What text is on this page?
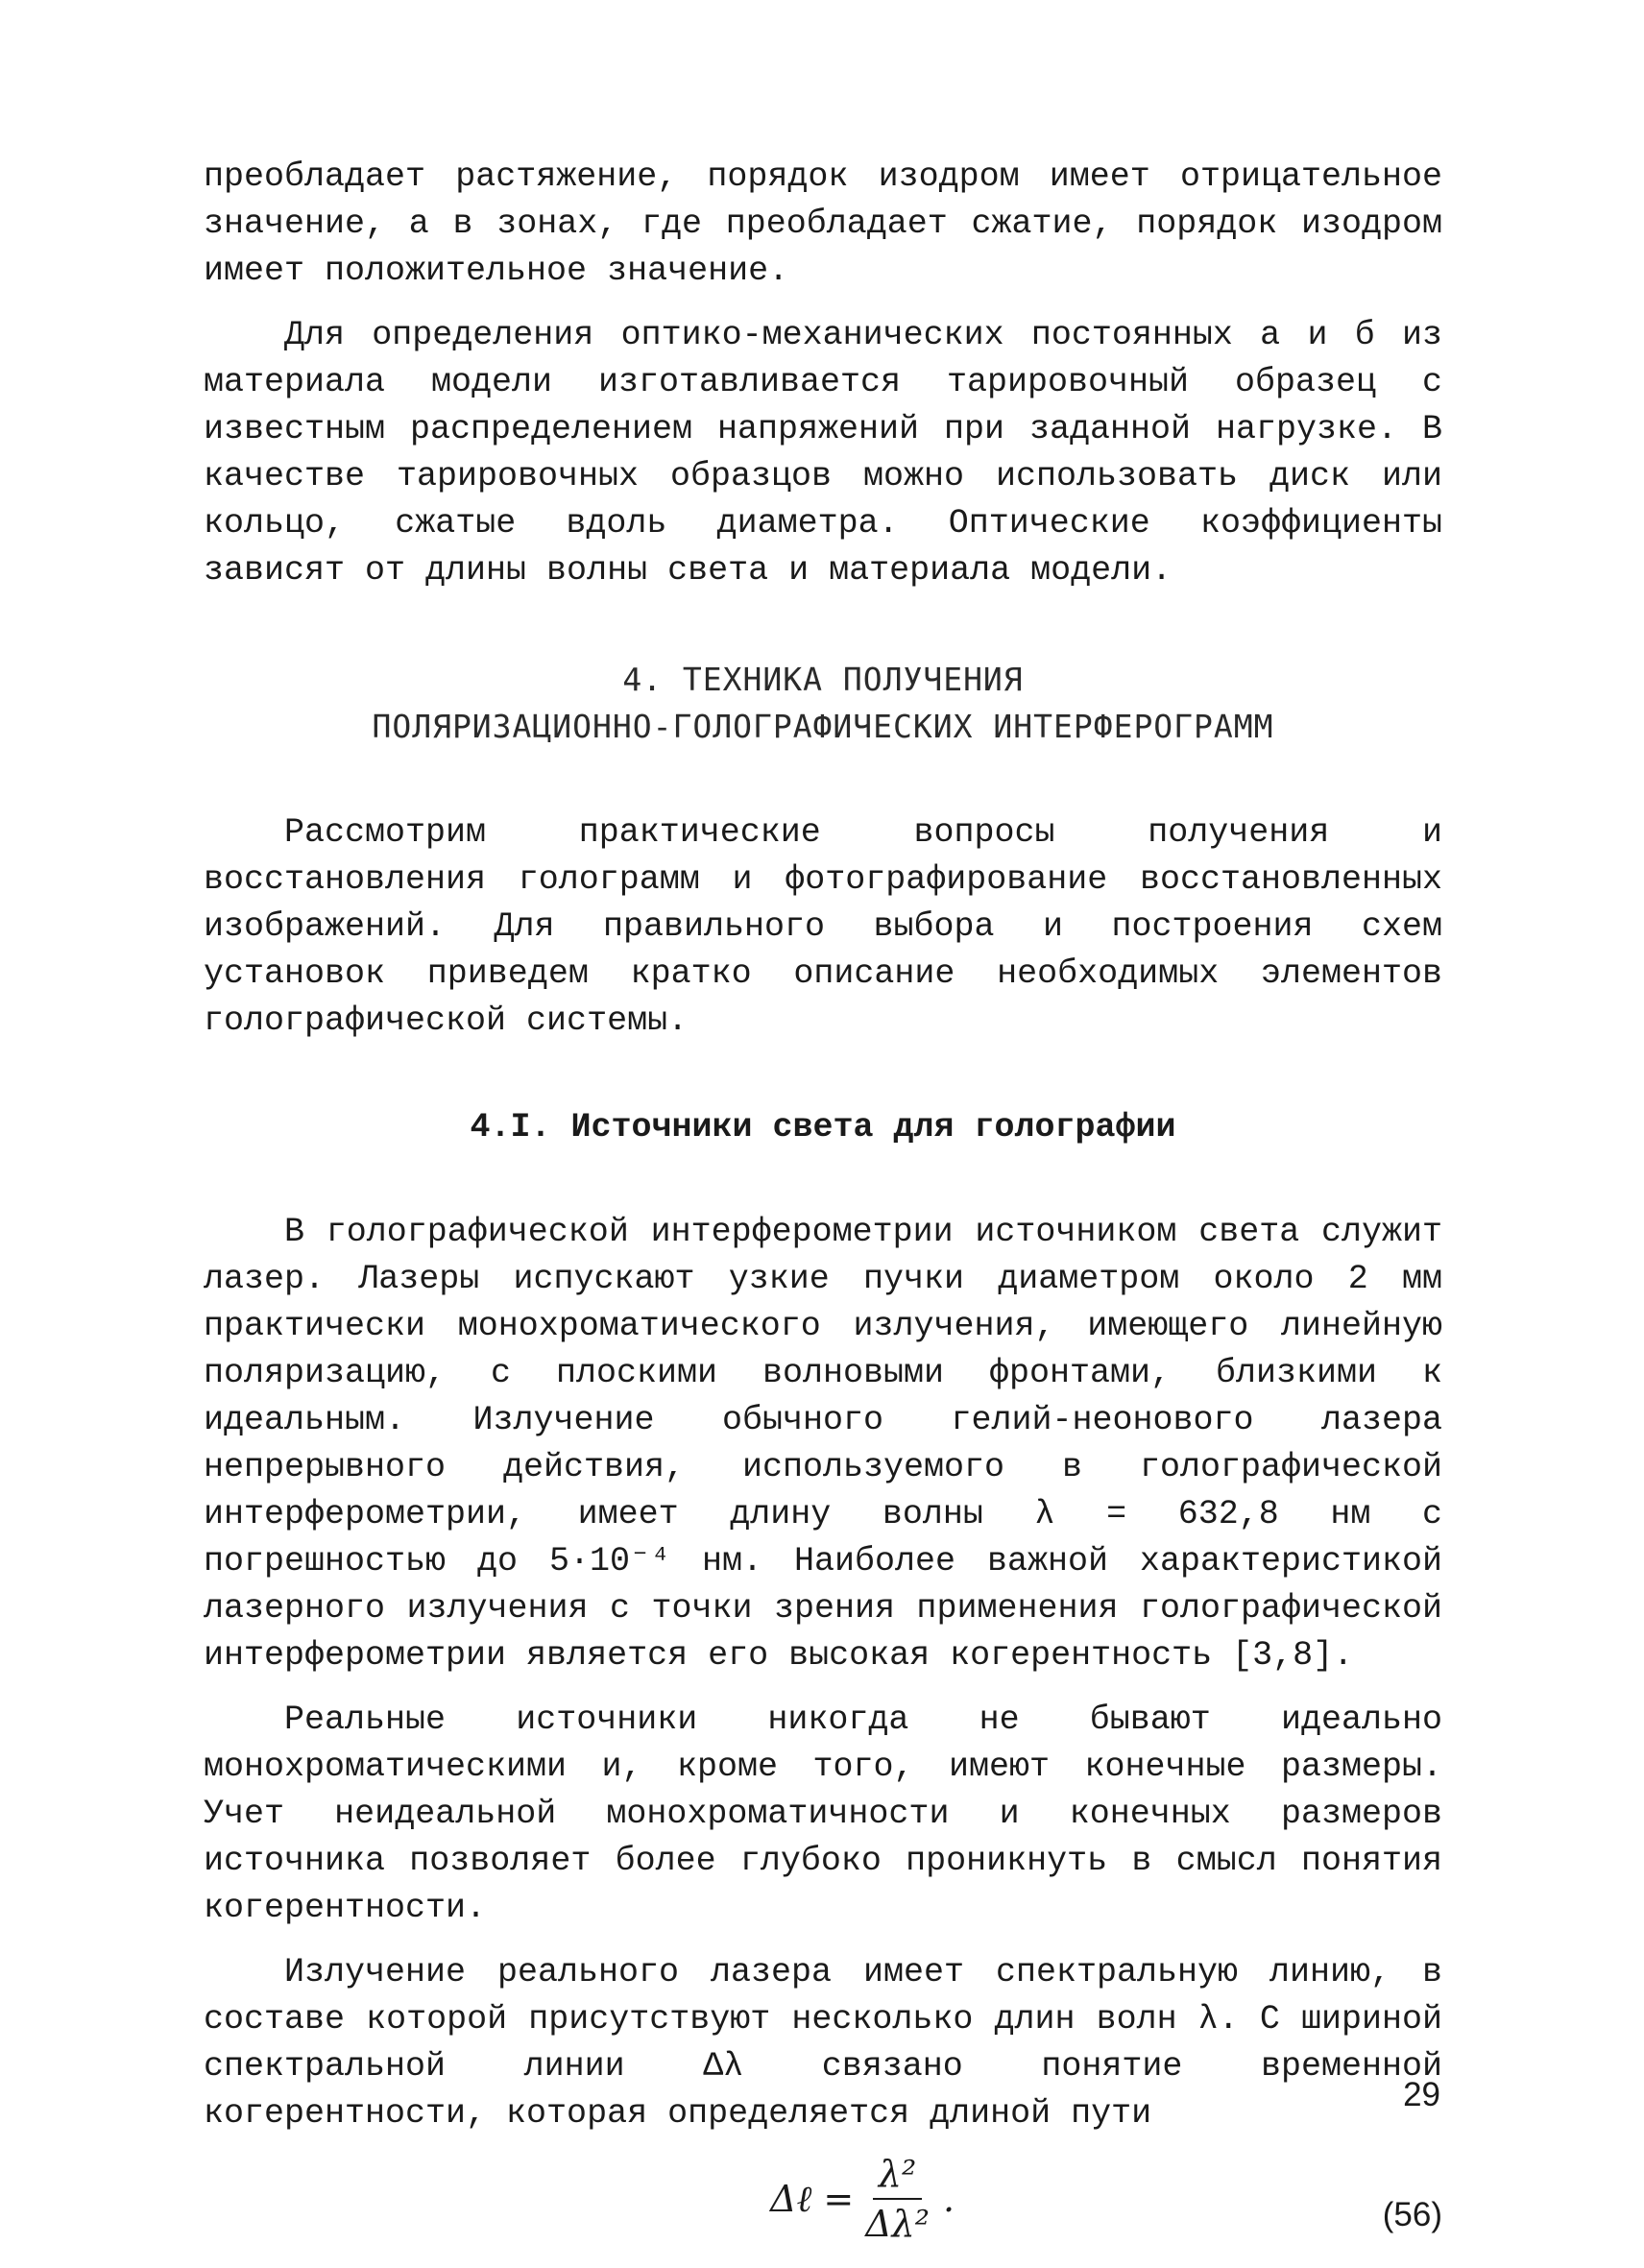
преобладает растяжение, порядок изодром имеет отрицательное значение, а в зонах, где преобладает сжатие, порядок изодром имеет положительное значение.

Для определения оптико-механических постоянных a и б из материала модели изготавливается тарировочный образец с известным распределением напряжений при заданной нагрузке. В качестве тарировочных образцов можно использовать диск или кольцо, сжатые вдоль диаметра. Оптические коэффициенты зависят от длины волны света и материала модели.

4. ТЕХНИКА ПОЛУЧЕНИЯ
ПОЛЯРИЗАЦИОННО-ГОЛОГРАФИЧЕСКИХ ИНТЕРФЕРОГРАММ

Рассмотрим практические вопросы получения и восстановления голограмм и фотографирование восстановленных изображений. Для правильного выбора и построения схем установок приведем кратко описание необходимых элементов голографической системы.

4.I. Источники света для голографии

В голографической интерферометрии источником света служит лазер. Лазеры испускают узкие пучки диаметром около 2 мм практически монохроматического излучения, имеющего линейную поляризацию, с плоскими волновыми фронтами, близкими к идеальным. Излучение обычного гелий-неонового лазера непрерывного действия, используемого в голографической интерферометрии, имеет длину волны λ = 632,8 нм с погрешностью до 5·10⁻⁴ нм. Наиболее важной характеристикой лазерного излучения с точки зрения применения голографической интерферометрии является его высокая когерентность [3,8].

Реальные источники никогда не бывают идеально монохроматическими и, кроме того, имеют конечные размеры. Учет неидеальной монохроматичности и конечных размеров источника позволяет более глубоко проникнуть в смысл понятия когерентности.

Излучение реального лазера имеет спектральную линию, в составе которой присутствуют несколько длин волн λ. С шириной спектральной линии Δλ связано понятие временной когерентности, которая определяется длиной пути

Δℓ = $\frac{\text{λ²}}{\text{Δλ²}}$ .	(56)
29
